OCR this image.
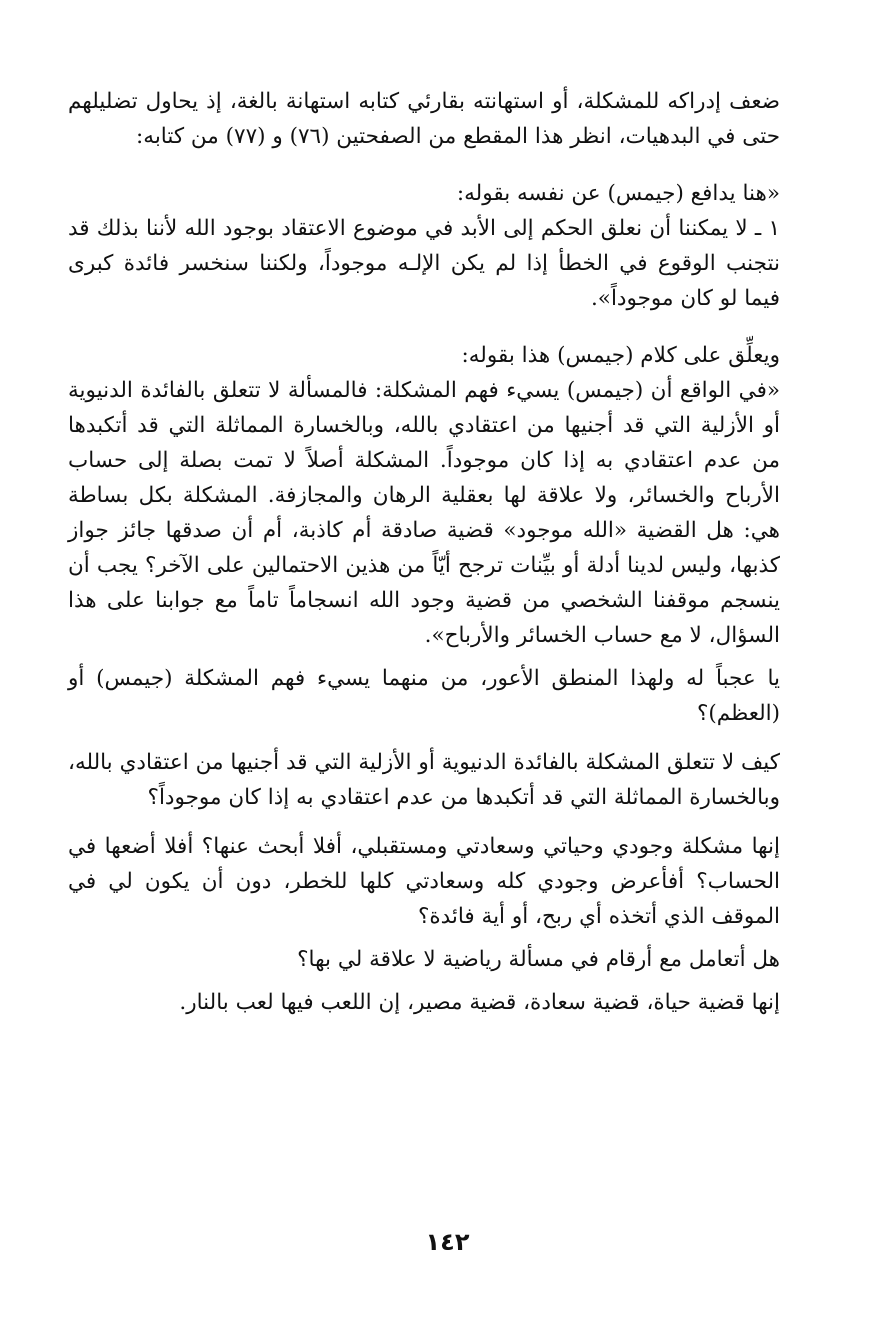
ضعف إدراكه للمشكلة، أو استهانته بقارئي كتابه استهانة بالغة، إذ يحاول تضليلهم حتى في البدهيات، انظر هذا المقطع من الصفحتين (٧٦) و (٧٧) من كتابه:

«هنا يدافع (جيمس) عن نفسه بقوله:

١ ـ لا يمكننا أن نعلق الحكم إلى الأبد في موضوع الاعتقاد بوجود الله لأننا بذلك قد نتجنب الوقوع في الخطأ إذا لم يكن الإلـه موجوداً، ولكننا سنخسر فائدة كبرى فيما لو كان موجوداً».

ويعلِّق على كلام (جيمس) هذا بقوله:

«في الواقع أن (جيمس) يسيء فهم المشكلة: فالمسألة لا تتعلق بالفائدة الدنيوية أو الأزلية التي قد أجنيها من اعتقادي بالله، وبالخسارة المماثلة التي قد أتكبدها من عدم اعتقادي به إذا كان موجوداً. المشكلة أصلاً لا تمت بصلة إلى حساب الأرباح والخسائر، ولا علاقة لها بعقلية الرهان والمجازفة. المشكلة بكل بساطة هي: هل القضية «الله موجود» قضية صادقة أم كاذبة، أم أن صدقها جائز جواز كذبها، وليس لدينا أدلة أو بيِّنات ترجح أيّاً من هذين الاحتمالين على الآخر؟ يجب أن ينسجم موقفنا الشخصي من قضية وجود الله انسجاماً تاماً مع جوابنا على هذا السؤال، لا مع حساب الخسائر والأرباح».

يا عجباً له ولهذا المنطق الأعور، من منهما يسيء فهم المشكلة (جيمس) أو (العظم)؟

كيف لا تتعلق المشكلة بالفائدة الدنيوية أو الأزلية التي قد أجنيها من اعتقادي بالله، وبالخسارة المماثلة التي قد أتكبدها من عدم اعتقادي به إذا كان موجوداً؟

إنها مشكلة وجودي وحياتي وسعادتي ومستقبلي، أفلا أبحث عنها؟ أفلا أضعها في الحساب؟ أفأعرض وجودي كله وسعادتي كلها للخطر، دون أن يكون لي في الموقف الذي أتخذه أي ربح، أو أية فائدة؟

هل أتعامل مع أرقام في مسألة رياضية لا علاقة لي بها؟

إنها قضية حياة، قضية سعادة، قضية مصير، إن اللعب فيها لعب بالنار.

١٤٢
